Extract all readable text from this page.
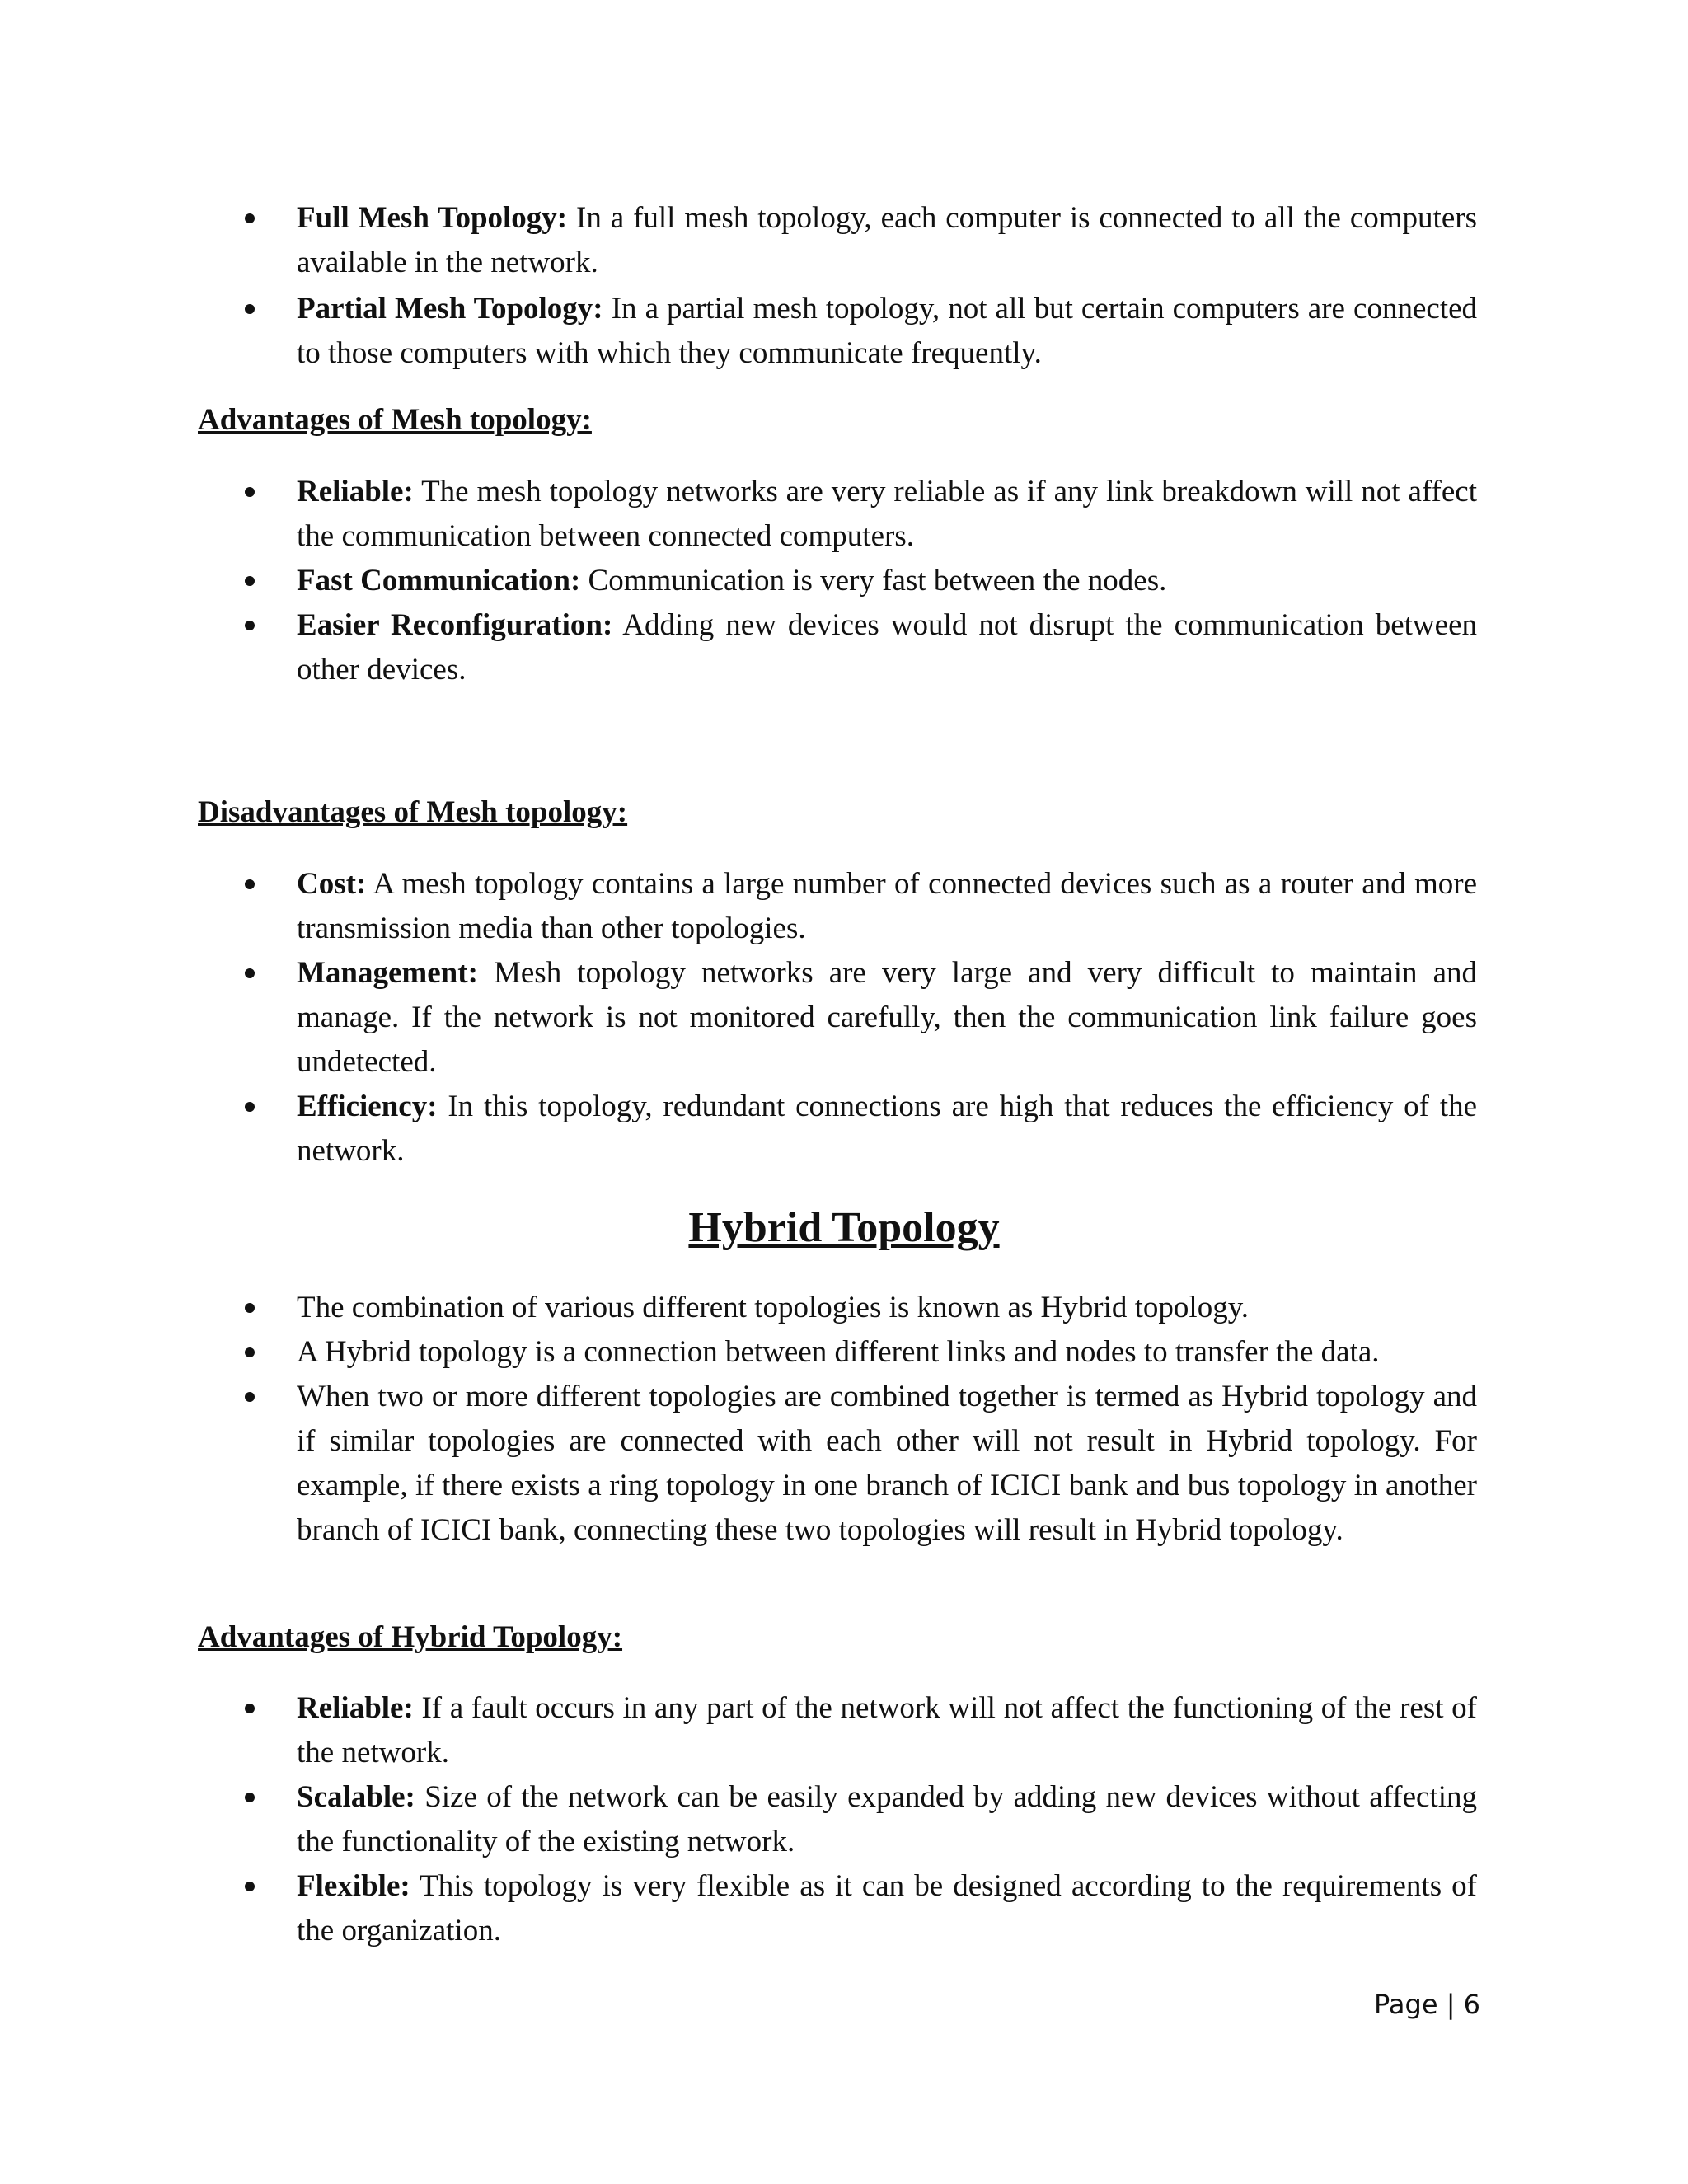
Full Mesh Topology: In a full mesh topology, each computer is connected to all the computers available in the network.
Partial Mesh Topology: In a partial mesh topology, not all but certain computers are connected to those computers with which they communicate frequently.
Advantages of Mesh topology:
Reliable: The mesh topology networks are very reliable as if any link breakdown will not affect the communication between connected computers.
Fast Communication: Communication is very fast between the nodes.
Easier Reconfiguration: Adding new devices would not disrupt the communication between other devices.
Disadvantages of Mesh topology:
Cost: A mesh topology contains a large number of connected devices such as a router and more transmission media than other topologies.
Management: Mesh topology networks are very large and very difficult to maintain and manage. If the network is not monitored carefully, then the communication link failure goes undetected.
Efficiency: In this topology, redundant connections are high that reduces the efficiency of the network.
Hybrid Topology
The combination of various different topologies is known as Hybrid topology.
A Hybrid topology is a connection between different links and nodes to transfer the data.
When two or more different topologies are combined together is termed as Hybrid topology and if similar topologies are connected with each other will not result in Hybrid topology. For example, if there exists a ring topology in one branch of ICICI bank and bus topology in another branch of ICICI bank, connecting these two topologies will result in Hybrid topology.
Advantages of Hybrid Topology:
Reliable: If a fault occurs in any part of the network will not affect the functioning of the rest of the network.
Scalable: Size of the network can be easily expanded by adding new devices without affecting the functionality of the existing network.
Flexible: This topology is very flexible as it can be designed according to the requirements of the organization.
Page | 6
